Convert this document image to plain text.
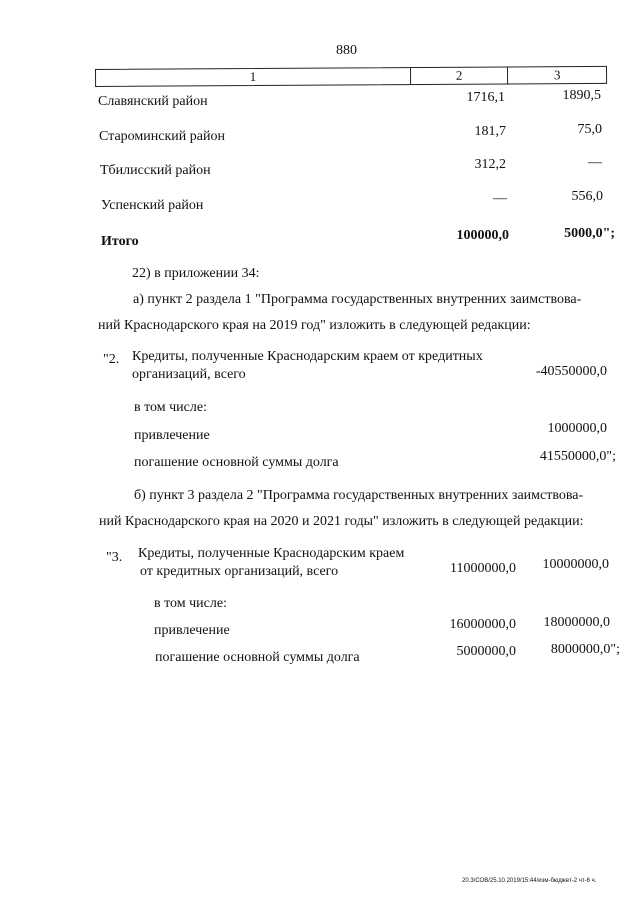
880
1	2	3
Славянский район	1716,1	1890,5
Староминский район	181,7	75,0
Тбилисский район	312,2	—
Успенский район	—	556,0
Итого	100000,0	5000,0";
22) в приложении 34:
а) пункт 2 раздела 1 "Программа государственных внутренних заимствова-
ний Краснодарского края на 2019 год" изложить в следующей редакции:
"2. Кредиты, полученные Краснодарским краем от кредитных
организаций, всего	-40550000,0
в том числе:
привлечение	1000000,0
погашение основной суммы долга	41550000,0";
б) пункт 3 раздела 2 "Программа государственных внутренних заимствова-
ний Краснодарского края на 2020 и 2021 годы" изложить в следующей редакции:
"3. Кредиты, полученные Краснодарским краем
от кредитных организаций, всего	11000000,0	10000000,0
в том числе:
привлечение	16000000,0	18000000,0
погашение основной суммы долга	5000000,0	8000000,0";
20.3/СОВ/25.10.2019/15:44/изм-бюджет-2 чт-6 ч.
